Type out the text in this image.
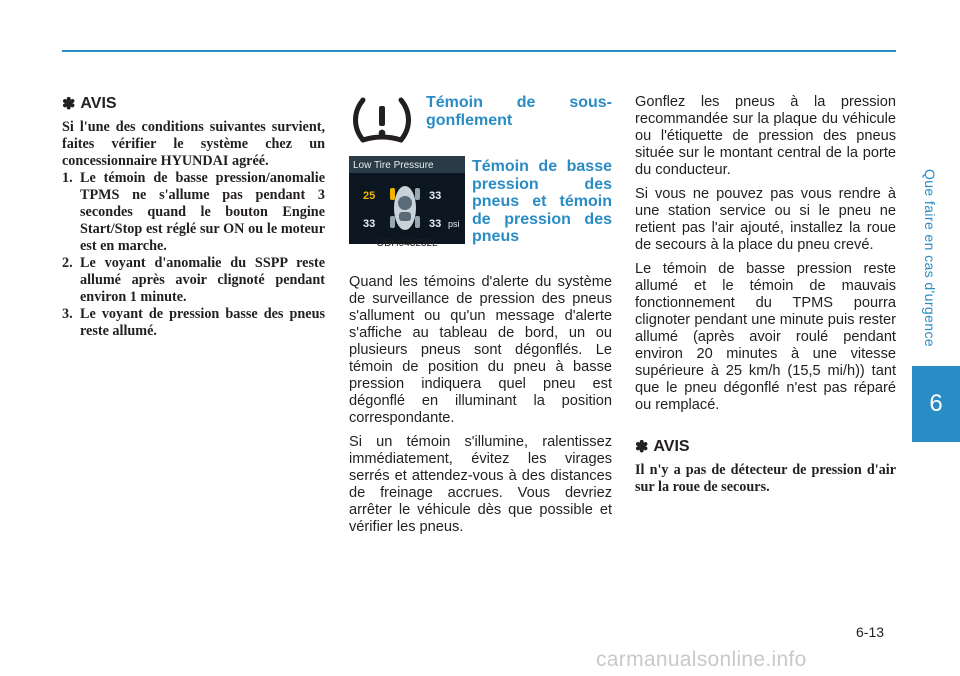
Que faire en cas d'urgence
6
✽ AVIS

Si l'une des conditions suivantes survient, faites vérifier le système chez un concessionnaire HYUNDAI agréé.

1. Le témoin de basse pression/anomalie TPMS ne s'allume pas pendant 3 secondes quand le bouton Engine Start/Stop est réglé sur ON ou le moteur est en marche.
2. Le voyant d'anomalie du SSPP reste allumé après avoir clignoté pendant environ 1 minute.
3. Le voyant de pression basse des pneus reste allumé.
Témoin de sous-gonflement
Low Tire Pressure
25	33
33	33 psi
ODH043232L
Témoin de basse pression des pneus et témoin de pression des pneus

Quand les témoins d'alerte du système de surveillance de pression des pneus s'allument ou qu'un message d'alerte s'affiche au tableau de bord, un ou plusieurs pneus sont dégonflés. Le témoin de position du pneu à basse pression indiquera quel pneu est dégonflé en illuminant la position correspondante.

Si un témoin s'illumine, ralentissez immédiatement, évitez les virages serrés et attendez-vous à des distances de freinage accrues. Vous devriez arrêter le véhicule dès que possible et vérifier les pneus.

Gonflez les pneus à la pression recommandée sur la plaque du véhicule ou l'étiquette de pression des pneus située sur le montant central de la porte du conducteur.

Si vous ne pouvez pas vous rendre à une station service ou si le pneu ne retient pas l'air ajouté, installez la roue de secours à la place du pneu crevé.

Le témoin de basse pression reste allumé et le témoin de mauvais fonctionnement du TPMS pourra clignoter pendant une minute puis rester allumé (après avoir roulé pendant environ 20 minutes à une vitesse supérieure à 25 km/h (15,5 mi/h)) tant que le pneu dégonflé n'est pas réparé ou remplacé.

✽ AVIS

Il n'y a pas de détecteur de pression d'air sur la roue de secours.

6-13
carmanualsonline.info
